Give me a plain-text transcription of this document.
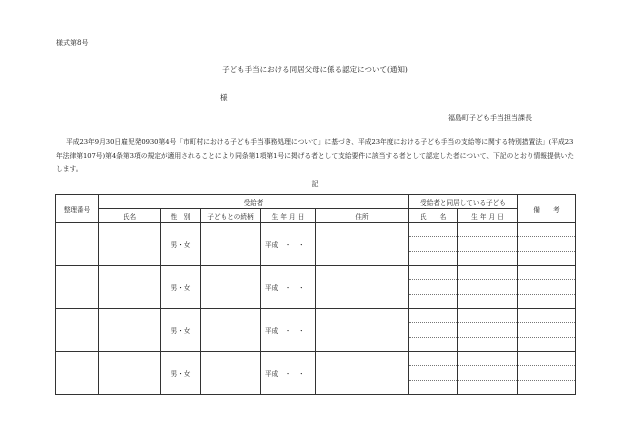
様式第8号
子ども手当における同居父母に係る認定について(通知)
様
福島町子ども手当担当課長
平成23年9月30日雇児発0930第4号「市町村における子ども手当事務処理について」に基づき、平成23年度における子ども手当の支給等に関する特別措置法」(平成23年法律第107号)第4条第3項の規定が適用されることにより同条第1項第1号に掲げる者として支給要件に該当する者として認定した者について、下記のとおり情報提供いたします。
記
整理番号	受給者					受給者と同居している子ども		備　　考
	氏名	性　別	子どもとの続柄	生 年 月 日	住所	氏　　名	生 年 月 日	
		男・女		平成　・　・		

		男・女		平成　・　・		

		男・女		平成　・　・		

		男・女		平成　・　・		
